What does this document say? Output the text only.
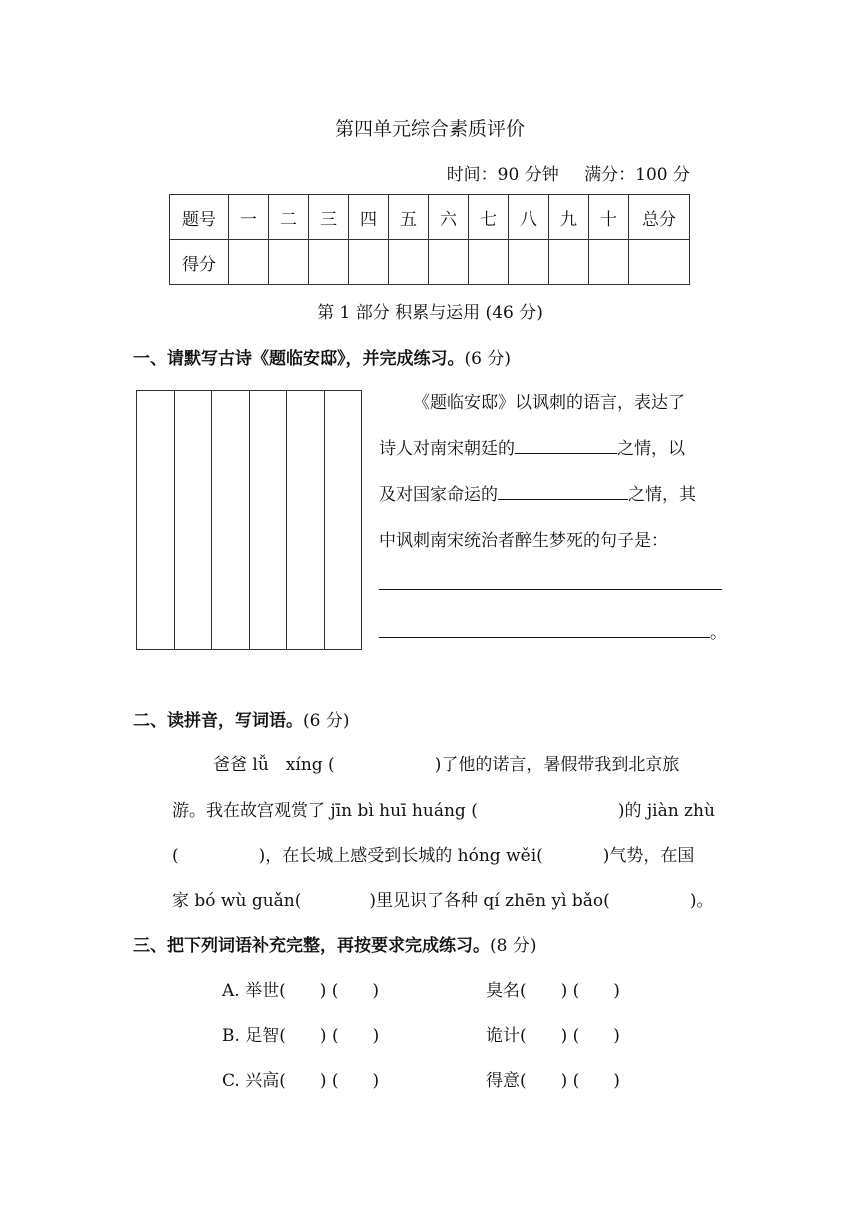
第四单元综合素质评价
时间：90 分钟 满分：100 分
题号	一	二	三	四	五	六	七	八	九	十	总分
得分											
第 1 部分 积累与运用 (46 分)
一、请默写古诗《题临安邸》，并完成练习。(6 分)
《题临安邸》以讽刺的语言，表达了
诗人对南宋朝廷的	之情，以
及对国家命运的	之情，其
中讽刺南宋统治者醉生梦死的句子是：
。
二、读拼音，写词语。(6 分)
爸爸 lǚ　xíng (	)了他的诺言，暑假带我到北京旅
游。我在故宫观赏了 jīn bì huī huáng (	)的 jiàn zhù
(	)，在长城上感受到长城的 hóng wěi(	)气势，在国
家 bó wù guǎn(	)里见识了各种 qí zhēn yì bǎo(	)。
三、把下列词语补充完整，再按要求完成练习。(8 分)
A. 举世(　　) (　　)	臭名(　　) (　　)
B. 足智(　　) (　　)	诡计(　　) (　　)
C. 兴高(　　) (　　)	得意(　　) (　　)
